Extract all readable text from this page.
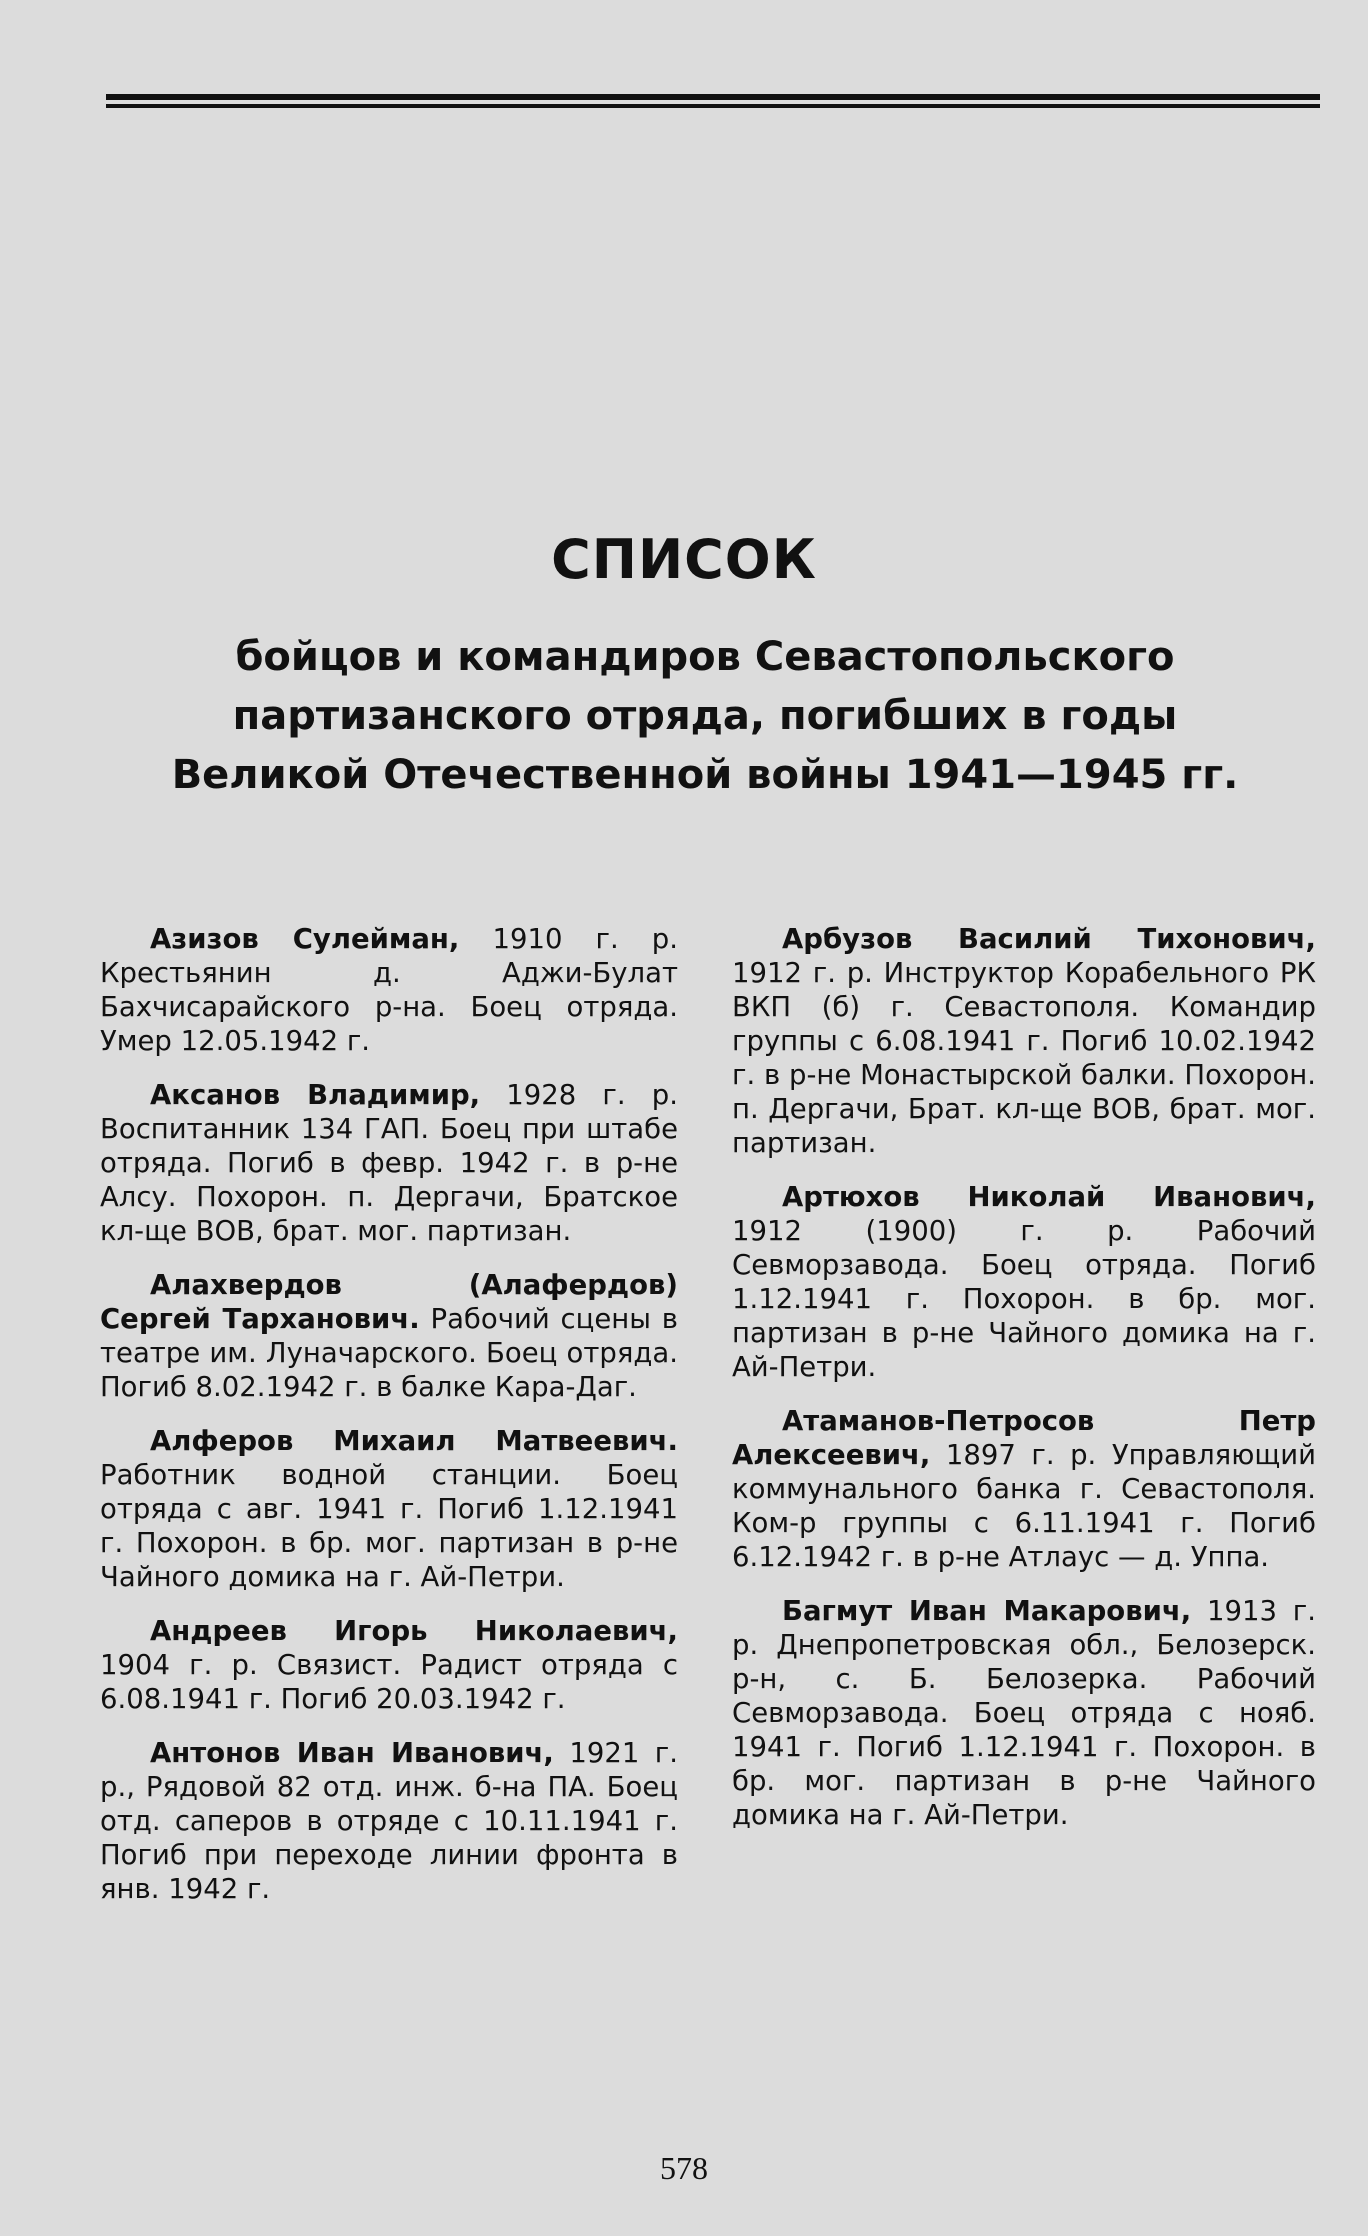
СПИСОК
бойцов и командиров Севастопольского партизанского отряда, погибших в годы Великой Отечественной войны 1941—1945 гг.

Азизов Сулейман, 1910 г. р. Крестьянин д. Аджи-Булат Бахчисарайского р-на. Боец отряда. Умер 12.05.1942 г.

Аксанов Владимир, 1928 г. р. Воспитанник 134 ГАП. Боец при штабе отряда. Погиб в февр. 1942 г. в р-не Алсу. Похорон. п. Дергачи, Братское кл-ще ВОВ, брат. мог. партизан.

Алахвердов (Алафердов) Сергей Тарханович. Рабочий сцены в театре им. Луначарского. Боец отряда. Погиб 8.02.1942 г. в балке Кара-Даг.

Алферов Михаил Матвеевич. Работник водной станции. Боец отряда с авг. 1941 г. Погиб 1.12.1941 г. Похорон. в бр. мог. партизан в р-не Чайного домика на г. Ай-Петри.

Андреев Игорь Николаевич, 1904 г. р. Связист. Радист отряда с 6.08.1941 г. Погиб 20.03.1942 г.

Антонов Иван Иванович, 1921 г. р., Рядовой 82 отд. инж. б-на ПА. Боец отд. саперов в отряде с 10.11.1941 г. Погиб при переходе линии фронта в янв. 1942 г.

Арбузов Василий Тихонович, 1912 г. р. Инструктор Корабельного РК ВКП (б) г. Севастополя. Командир группы с 6.08.1941 г. Погиб 10.02.1942 г. в р-не Монастырской балки. Похорон. п. Дергачи, Брат. кл-ще ВОВ, брат. мог. партизан.

Артюхов Николай Иванович, 1912 (1900) г. р. Рабочий Севморзавода. Боец отряда. Погиб 1.12.1941 г. Похорон. в бр. мог. партизан в р-не Чайного домика на г. Ай-Петри.

Атаманов-Петросов Петр Алексеевич, 1897 г. р. Управляющий коммунального банка г. Севастополя. Ком-р группы с 6.11.1941 г. Погиб 6.12.1942 г. в р-не Атлаус — д. Уппа.

Багмут Иван Макарович, 1913 г. р. Днепропетровская обл., Белозерск. р-н, с. Б. Белозерка. Рабочий Севморзавода. Боец отряда с нояб. 1941 г. Погиб 1.12.1941 г. Похорон. в бр. мог. партизан в р-не Чайного домика на г. Ай-Петри.

578
